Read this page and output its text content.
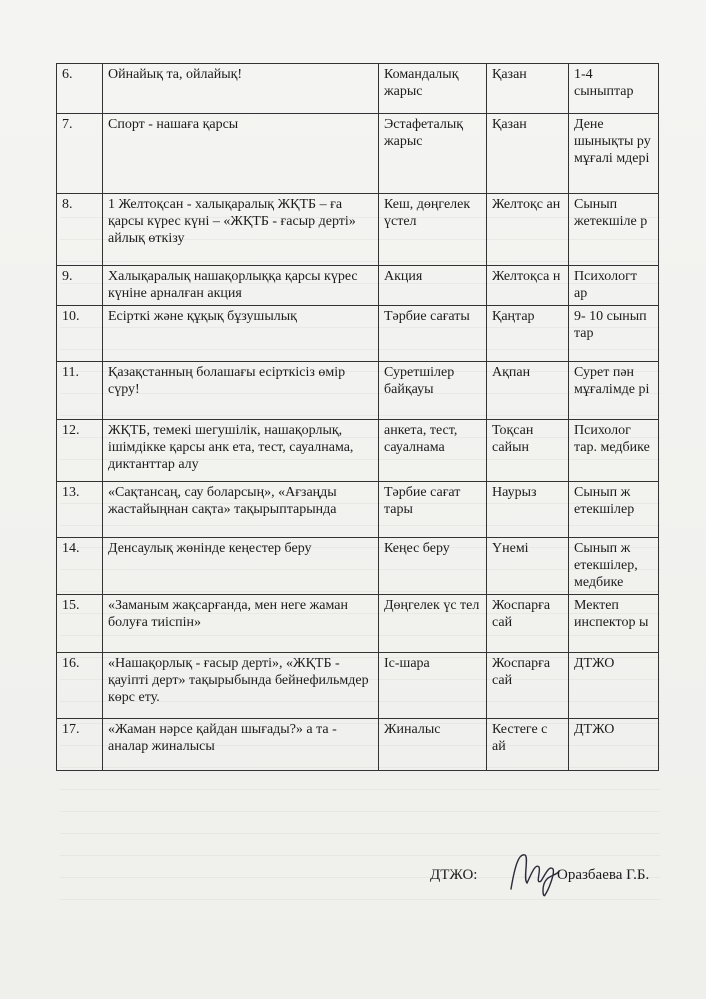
6.	Ойнайық та, ойлайық!	Командалық жарыс	Қазан	1-4 сыныптар
7.	Спорт - нашаға қарсы	Эстафеталық жарыс	Қазан	Дене шынықты ру мұғалі мдері
8.	1 Желтоқсан - халықаралық ЖҚТБ – ға қарсы күрес күні – «ЖҚТБ - ғасыр дерті» айлық өткізу	Кеш, дөңгелек үстел	Желтоқс ан	Сынып жетекшіле р
9.	Халықаралық нашақорлыққа қарсы күрес күніне арналған акция	Акция	Желтоқса н	Психологт ар
10.	Есірткі және құқық бұзушылық	Тәрбие сағаты	Қаңтар	9- 10 сынып тар
11.	Қазақстанның болашағы есірткісіз өмір сүру!	Суретшілер байқауы	Ақпан	Сурет пән мұғалімде рі
12.	ЖҚТБ, темекі шегушілік, нашақорлық, ішімдікке қарсы анк ета, тест, сауалнама, диктанттар алу	анкета, тест, сауалнама	Тоқсан сайын	Психолог тар. медбике
13.	«Сақтансаң, сау боларсың», «Ағзаңды жастайыңнан сақта» тақырыптарында	Тәрбие сағат тары	Наурыз	Сынып ж етекшілер
14.	Денсаулық жөнінде кеңестер беру	Кеңес беру	Үнемі	Сынып ж етекшілер, медбике
15.	«Заманым жақсарғанда, мен неге жаман болуға тиіспін»	Дөңгелек үс тел	Жоспарға сай	Мектеп инспектор ы
16.	«Нашақорлық - ғасыр дерті», «ЖҚТБ - қауіпті дерт» тақырыбында бейнефильмдер көрс ету.	Іс-шара	Жоспарға сай	ДТЖО
17.	«Жаман нәрсе қайдан шығады?» а та - аналар жиналысы	Жиналыс	Кестеге с ай	ДТЖО
ДТЖО:	Оразбаева Г.Б.
